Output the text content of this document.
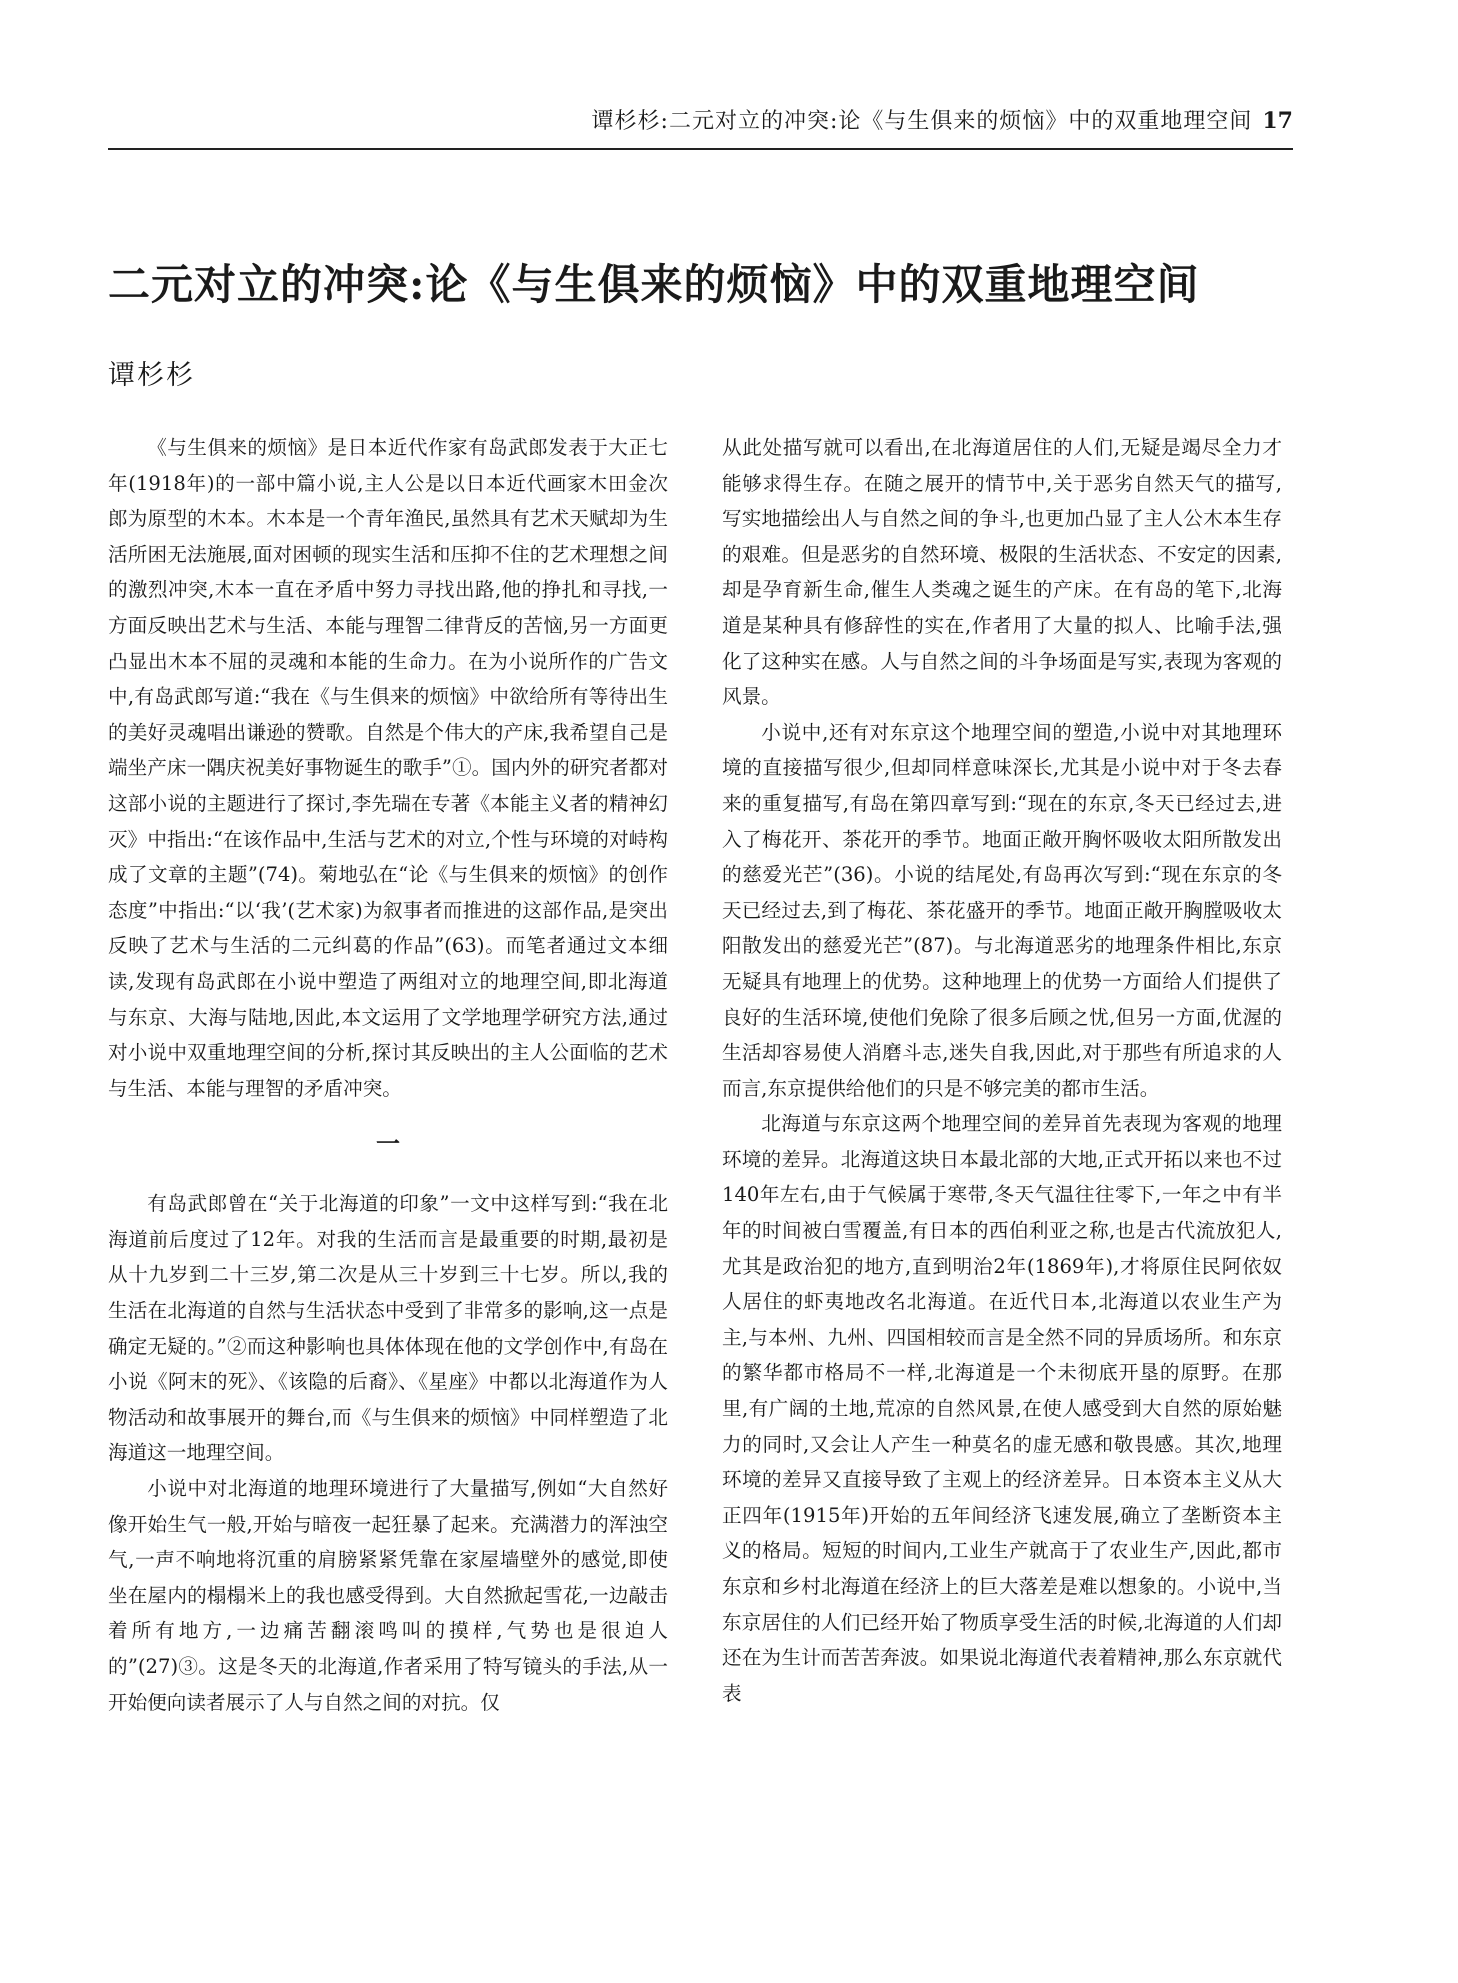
谭杉杉:二元对立的冲突:论《与生俱来的烦恼》中的双重地理空间 17
二元对立的冲突:论《与生俱来的烦恼》中的双重地理空间
谭杉杉

《与生俱来的烦恼》是日本近代作家有岛武郎发表于大正七年(1918年)的一部中篇小说,主人公是以日本近代画家木田金次郎为原型的木本。木本是一个青年渔民,虽然具有艺术天赋却为生活所困无法施展,面对困顿的现实生活和压抑不住的艺术理想之间的激烈冲突,木本一直在矛盾中努力寻找出路,他的挣扎和寻找,一方面反映出艺术与生活、本能与理智二律背反的苦恼,另一方面更凸显出木本不屈的灵魂和本能的生命力。在为小说所作的广告文中,有岛武郎写道:“我在《与生俱来的烦恼》中欲给所有等待出生的美好灵魂唱出谦逊的赞歌。自然是个伟大的产床,我希望自己是端坐产床一隅庆祝美好事物诞生的歌手”①。国内外的研究者都对这部小说的主题进行了探讨,李先瑞在专著《本能主义者的精神幻灭》中指出:“在该作品中,生活与艺术的对立,个性与环境的对峙构成了文章的主题”(74)。菊地弘在“论《与生俱来的烦恼》的创作态度”中指出:“以‘我’(艺术家)为叙事者而推进的这部作品,是突出反映了艺术与生活的二元纠葛的作品”(63)。而笔者通过文本细读,发现有岛武郎在小说中塑造了两组对立的地理空间,即北海道与东京、大海与陆地,因此,本文运用了文学地理学研究方法,通过对小说中双重地理空间的分析,探讨其反映出的主人公面临的艺术与生活、本能与理智的矛盾冲突。

一

有岛武郎曾在“关于北海道的印象”一文中这样写到:“我在北海道前后度过了12年。对我的生活而言是最重要的时期,最初是从十九岁到二十三岁,第二次是从三十岁到三十七岁。所以,我的生活在北海道的自然与生活状态中受到了非常多的影响,这一点是确定无疑的。”②而这种影响也具体体现在他的文学创作中,有岛在小说《阿末的死》、《该隐的后裔》、《星座》中都以北海道作为人物活动和故事展开的舞台,而《与生俱来的烦恼》中同样塑造了北海道这一地理空间。

小说中对北海道的地理环境进行了大量描写,例如“大自然好像开始生气一般,开始与暗夜一起狂暴了起来。充满潜力的浑浊空气,一声不响地将沉重的肩膀紧紧凭靠在家屋墙壁外的感觉,即使坐在屋内的榻榻米上的我也感受得到。大自然掀起雪花,一边敲击着所有地方,一边痛苦翻滚鸣叫的摸样,气势也是很迫人的”(27)③。这是冬天的北海道,作者采用了特写镜头的手法,从一开始便向读者展示了人与自然之间的对抗。仅

从此处描写就可以看出,在北海道居住的人们,无疑是竭尽全力才能够求得生存。在随之展开的情节中,关于恶劣自然天气的描写,写实地描绘出人与自然之间的争斗,也更加凸显了主人公木本生存的艰难。但是恶劣的自然环境、极限的生活状态、不安定的因素,却是孕育新生命,催生人类魂之诞生的产床。在有岛的笔下,北海道是某种具有修辞性的实在,作者用了大量的拟人、比喻手法,强化了这种实在感。人与自然之间的斗争场面是写实,表现为客观的风景。

小说中,还有对东京这个地理空间的塑造,小说中对其地理环境的直接描写很少,但却同样意味深长,尤其是小说中对于冬去春来的重复描写,有岛在第四章写到:“现在的东京,冬天已经过去,进入了梅花开、茶花开的季节。地面正敞开胸怀吸收太阳所散发出的慈爱光芒”(36)。小说的结尾处,有岛再次写到:“现在东京的冬天已经过去,到了梅花、茶花盛开的季节。地面正敞开胸膛吸收太阳散发出的慈爱光芒”(87)。与北海道恶劣的地理条件相比,东京无疑具有地理上的优势。这种地理上的优势一方面给人们提供了良好的生活环境,使他们免除了很多后顾之忧,但另一方面,优渥的生活却容易使人消磨斗志,迷失自我,因此,对于那些有所追求的人而言,东京提供给他们的只是不够完美的都市生活。

北海道与东京这两个地理空间的差异首先表现为客观的地理环境的差异。北海道这块日本最北部的大地,正式开拓以来也不过140年左右,由于气候属于寒带,冬天气温往往零下,一年之中有半年的时间被白雪覆盖,有日本的西伯利亚之称,也是古代流放犯人,尤其是政治犯的地方,直到明治2年(1869年),才将原住民阿依奴人居住的虾夷地改名北海道。在近代日本,北海道以农业生产为主,与本州、九州、四国相较而言是全然不同的异质场所。和东京的繁华都市格局不一样,北海道是一个未彻底开垦的原野。在那里,有广阔的土地,荒凉的自然风景,在使人感受到大自然的原始魅力的同时,又会让人产生一种莫名的虚无感和敬畏感。其次,地理环境的差异又直接导致了主观上的经济差异。日本资本主义从大正四年(1915年)开始的五年间经济飞速发展,确立了垄断资本主义的格局。短短的时间内,工业生产就高于了农业生产,因此,都市东京和乡村北海道在经济上的巨大落差是难以想象的。小说中,当东京居住的人们已经开始了物质享受生活的时候,北海道的人们却还在为生计而苦苦奔波。如果说北海道代表着精神,那么东京就代表
